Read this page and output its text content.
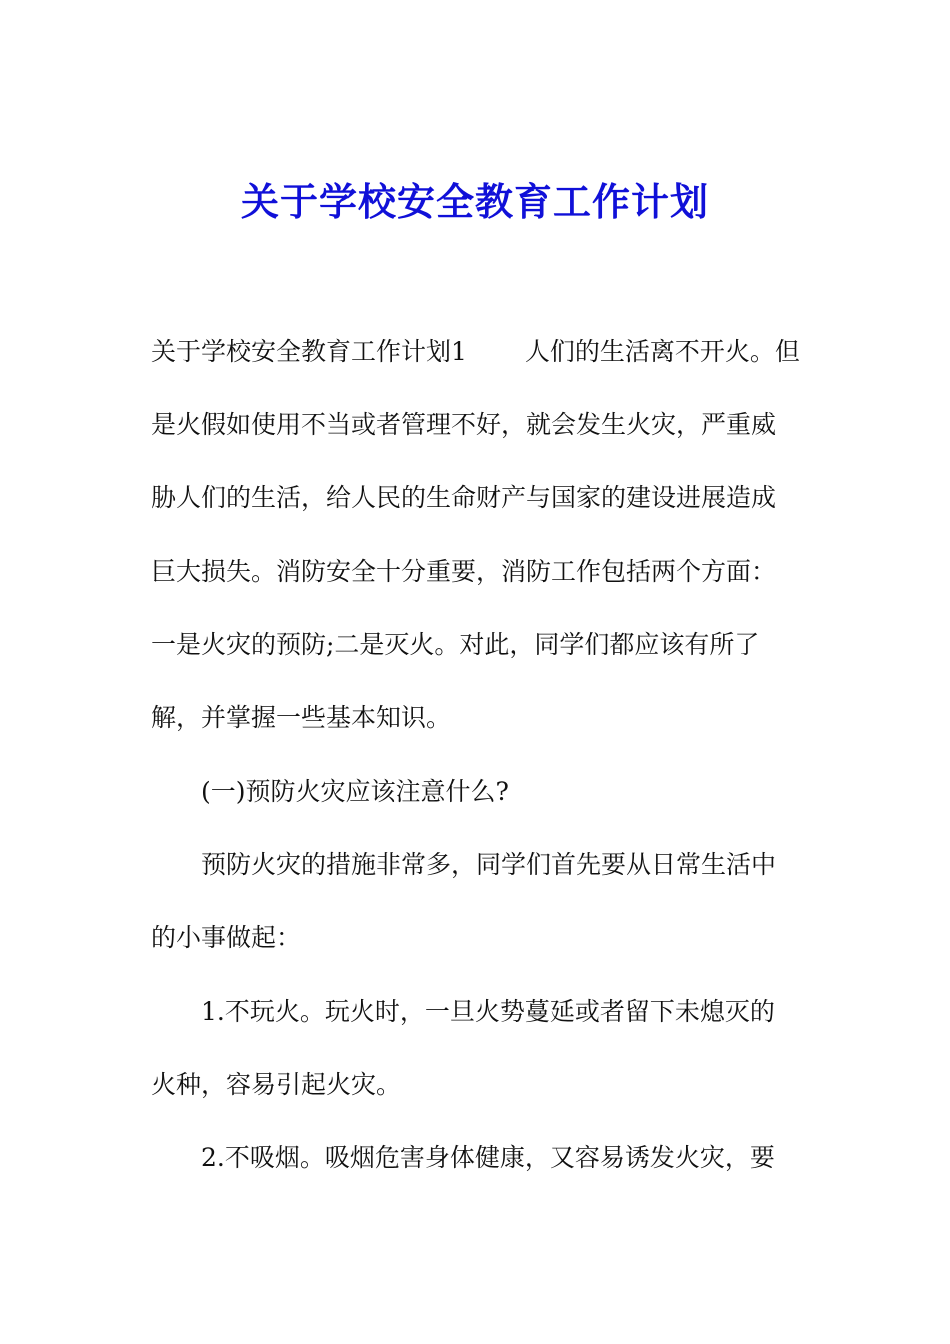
关于学校安全教育工作计划
关于学校安全教育工作计划1 人们的生活离不开火。但
是火假如使用不当或者管理不好，就会发生火灾，严重威
胁人们的生活，给人民的生命财产与国家的建设进展造成
巨大损失。消防安全十分重要，消防工作包括两个方面：
一是火灾的预防;二是灭火。对此，同学们都应该有所了
解，并掌握一些基本知识。
(一)预防火灾应该注意什么?
预防火灾的措施非常多，同学们首先要从日常生活中
的小事做起：
1.不玩火。玩火时，一旦火势蔓延或者留下未熄灭的
火种，容易引起火灾。
2.不吸烟。吸烟危害身体健康，又容易诱发火灾，要
